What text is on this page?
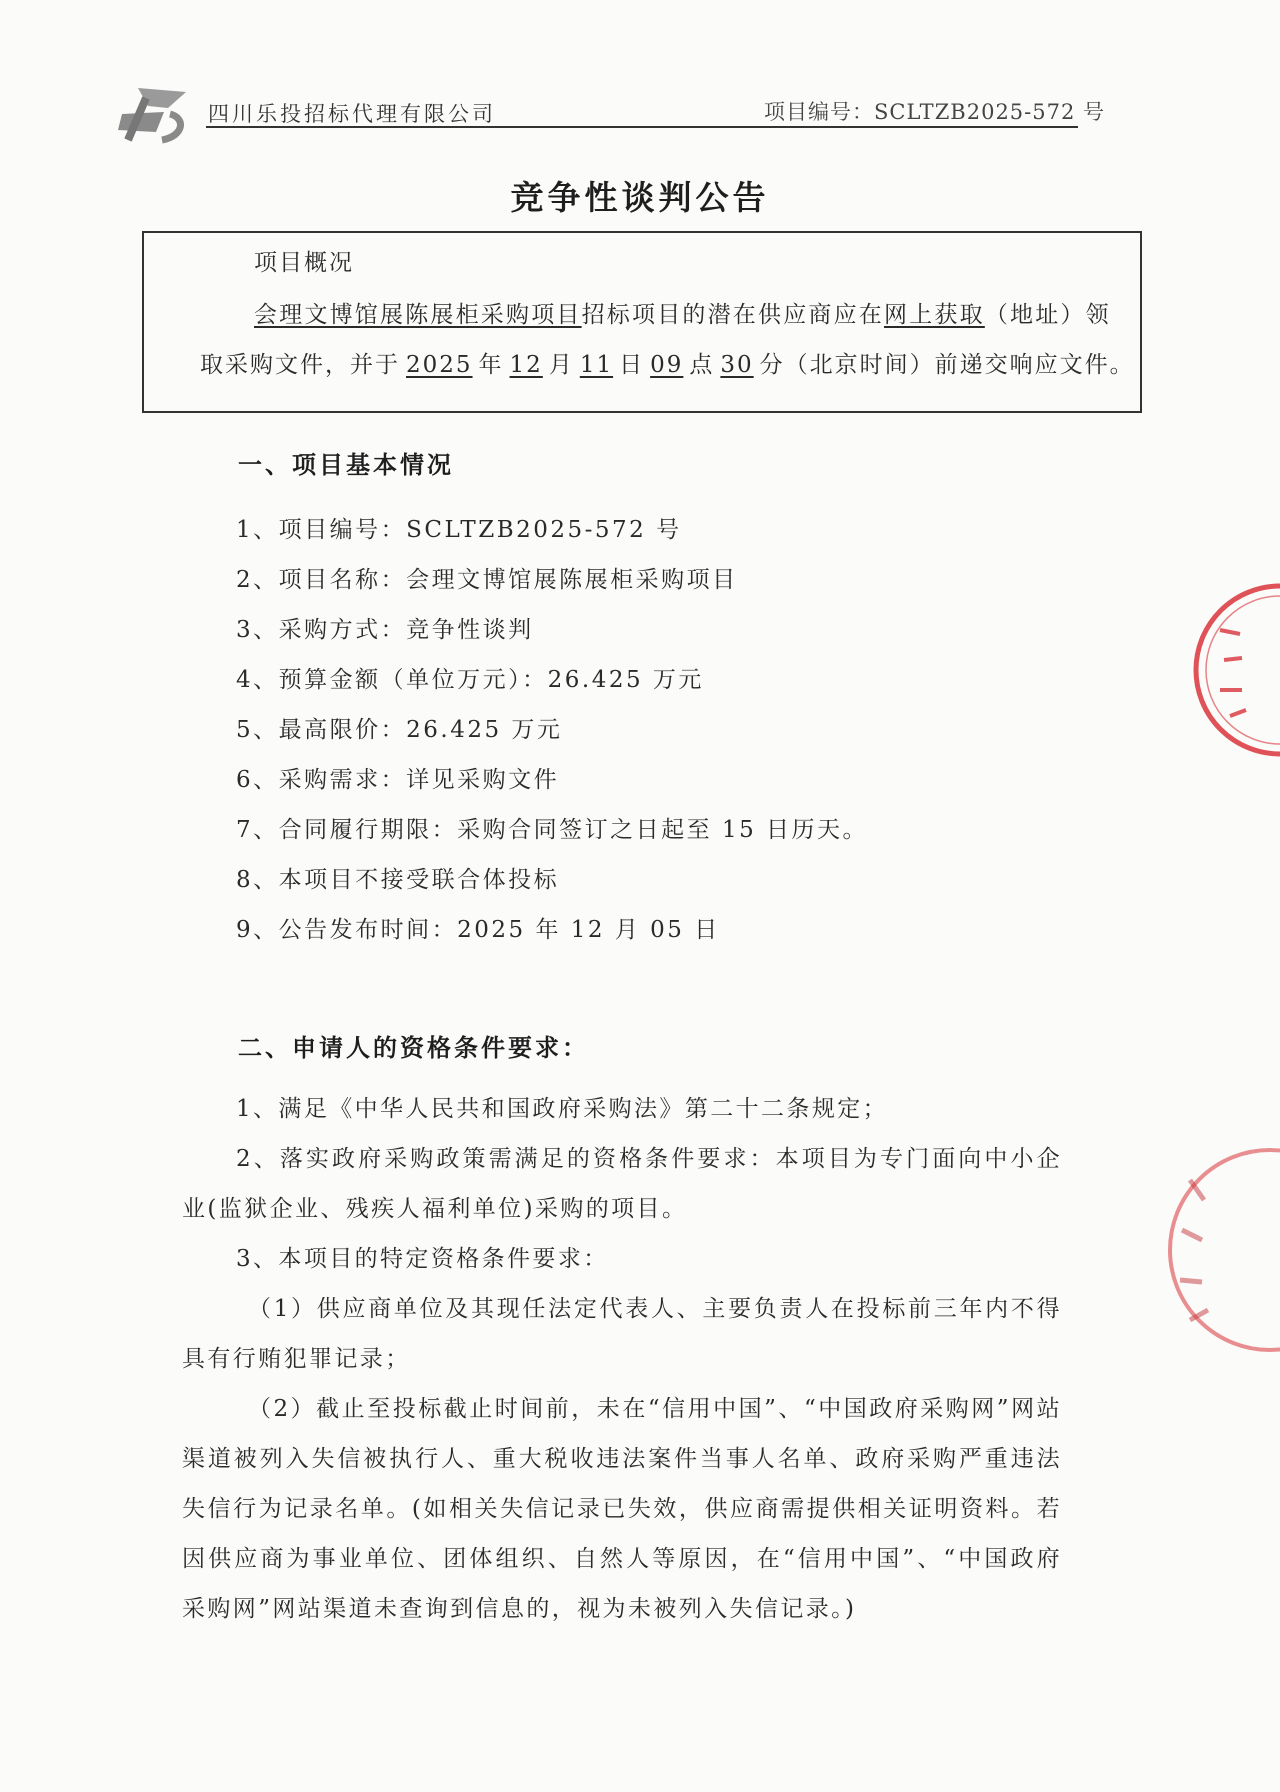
四川乐投招标代理有限公司	项目编号：SCLTZB2025-572 号
竞争性谈判公告
项目概况
会理文博馆展陈展柜采购项目招标项目的潜在供应商应在网上获取（地址）领
取采购文件，并于 2025 年 12 月 11 日 09 点 30 分（北京时间）前递交响应文件。
一、项目基本情况
1、项目编号：SCLTZB2025-572 号
2、项目名称：会理文博馆展陈展柜采购项目
3、采购方式：竞争性谈判
4、预算金额（单位万元）：26.425 万元
5、最高限价：26.425 万元
6、采购需求：详见采购文件
7、合同履行期限：采购合同签订之日起至 15 日历天。
8、本项目不接受联合体投标
9、公告发布时间：2025 年 12 月 05 日
二、申请人的资格条件要求：
1、满足《中华人民共和国政府采购法》第二十二条规定；
2、落实政府采购政策需满足的资格条件要求：本项目为专门面向中小企业(监狱企业、残疾人福利单位)采购的项目。
3、本项目的特定资格条件要求：
（1）供应商单位及其现任法定代表人、主要负责人在投标前三年内不得具有行贿犯罪记录；
（2）截止至投标截止时间前，未在“信用中国”、“中国政府采购网”网站渠道被列入失信被执行人、重大税收违法案件当事人名单、政府采购严重违法失信行为记录名单。(如相关失信记录已失效，供应商需提供相关证明资料。若因供应商为事业单位、团体组织、自然人等原因，在“信用中国”、“中国政府采购网”网站渠道未查询到信息的，视为未被列入失信记录。)
